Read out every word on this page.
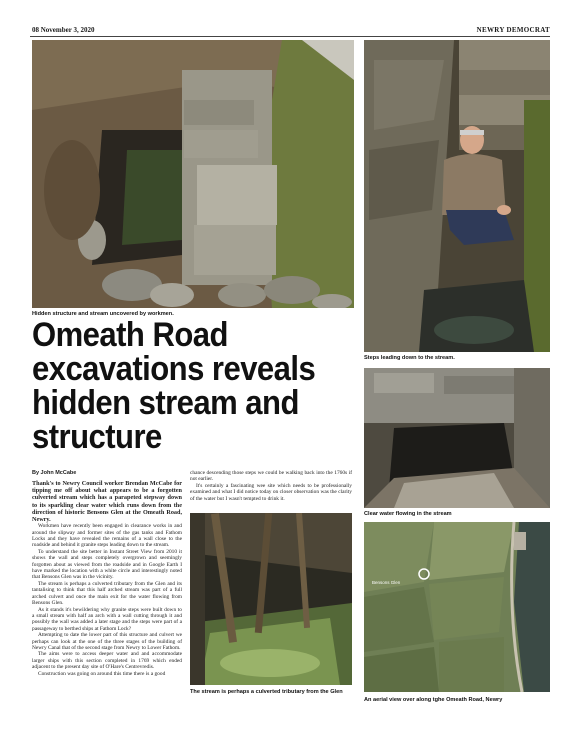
08 November 3, 2020	NEWRY DEMOCRAT
Hidden structure and stream uncovered by workmen.
Steps leading down to the stream.
Clear water flowing in the stream
The stream is perhaps a culverted tributary from the Glen
Bensons Glen
An aerial view over along tghe Omeath Road, Newry
Omeath Road excavations reveals hidden stream and structure
By John McCabe

Thank's to Newry Council worker Brendan McCabe for tipping me off about what appears to be a forgotten culverted stream which has a parapeted stepway down to its sparkling clear water which runs down from the direction of historic Bensons Glen at the Omeath Road, Newry.

Workmen have recently been engaged in clearance works in and around the slipway and former sites of the gas tanks and Fathom Locks and they have revealed the remains of a wall close to the roadside and behind it granite steps leading down to the stream.

To understand the site better in Instant Street View from 2010 it shows the wall and steps completely overgrown and seemingly forgotten about as viewed from the roadside and in Google Earth I have marked the location with a white circle and interestingly noted that Bensons Glen was in the vicinity.

The stream is perhaps a culverted tributary from the Glen and its tantalising to think that this half arched stream was part of a full arched culvert and once the main exit for the water flowing from Bensons Glen.

As it stands it's bewildering why granite steps were built down to a small stream with half an arch with a wall cutting through it and possibly the wall was added a later stage and the steps were part of a passageway to berthed ships at Fathom Lock?

Attempting to date the lower part of this structure and culvert we perhaps can look at the one of the three stages of the building of Newry Canal that of the second stage from Newry to Lower Fathom.

The aims were to access deeper water and and accommodate larger ships with this section completed in 1769 which ended adjacent to the present day site of O'Hare's Centrevredis.

Construction was going on around this time there is a good

chance descending those steps we could be walking back into the 1760s if not earlier.

It's certainly a fascinating wee site which needs to be professionally examined and what I did notice today on closer observation was the clarity of the water but I wasn't tempted to drink it.
